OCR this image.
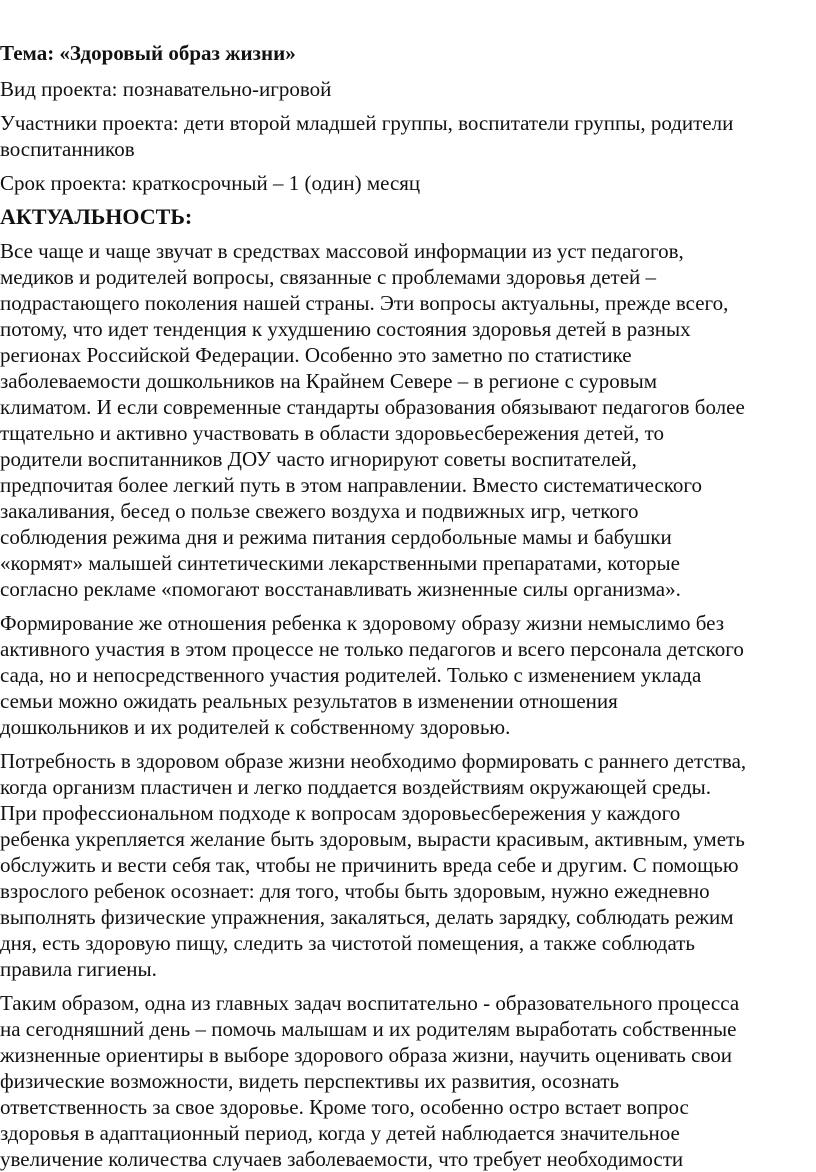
Тема: «Здоровый образ жизни»
Вид проекта: познавательно-игровой
Участники проекта: дети второй младшей группы, воспитатели группы, родители
воспитанников
Срок проекта: краткосрочный – 1 (один) месяц
АКТУАЛЬНОСТЬ:
Все чаще и чаще звучат в средствах массовой информации из уст педагогов,
медиков и родителей вопросы, связанные с проблемами здоровья детей –
подрастающего поколения нашей страны. Эти вопросы актуальны, прежде всего,
потому, что идет тенденция к ухудшению состояния здоровья детей в разных
регионах Российской Федерации. Особенно это заметно по статистике
заболеваемости дошкольников на Крайнем Севере – в регионе с суровым
климатом. И если современные стандарты образования обязывают педагогов более
тщательно и активно участвовать в области здоровьесбережения детей, то
родители воспитанников ДОУ часто игнорируют советы воспитателей,
предпочитая более легкий путь в этом направлении. Вместо систематического
закаливания, бесед о пользе свежего воздуха и подвижных игр, четкого
соблюдения режима дня и режима питания сердобольные мамы и бабушки
«кормят» малышей синтетическими лекарственными препаратами, которые
согласно рекламе «помогают восстанавливать жизненные силы организма».
Формирование же отношения ребенка к здоровому образу жизни немыслимо без
активного участия в этом процессе не только педагогов и всего персонала детского
сада, но и непосредственного участия родителей. Только с изменением уклада
семьи можно ожидать реальных результатов в изменении отношения
дошкольников и их родителей к собственному здоровью.
Потребность в здоровом образе жизни необходимо формировать с раннего детства,
когда организм пластичен и легко поддается воздействиям окружающей среды.
При профессиональном подходе к вопросам здоровьесбережения у каждого
ребенка укрепляется желание быть здоровым, вырасти красивым, активным, уметь
обслужить и вести себя так, чтобы не причинить вреда себе и другим. С помощью
взрослого ребенок осознает: для того, чтобы быть здоровым, нужно ежедневно
выполнять физические упражнения, закаляться, делать зарядку, соблюдать режим
дня, есть здоровую пищу, следить за чистотой помещения, а также соблюдать
правила гигиены.
Таким образом, одна из главных задач воспитательно - образовательного процесса
на сегодняшний день – помочь малышам и их родителям выработать собственные
жизненные ориентиры в выборе здорового образа жизни, научить оценивать свои
физические возможности, видеть перспективы их развития, осознать
ответственность за свое здоровье. Кроме того, особенно остро встает вопрос
здоровья в адаптационный период, когда у детей наблюдается значительное
увеличение количества случаев заболеваемости, что требует необходимости
